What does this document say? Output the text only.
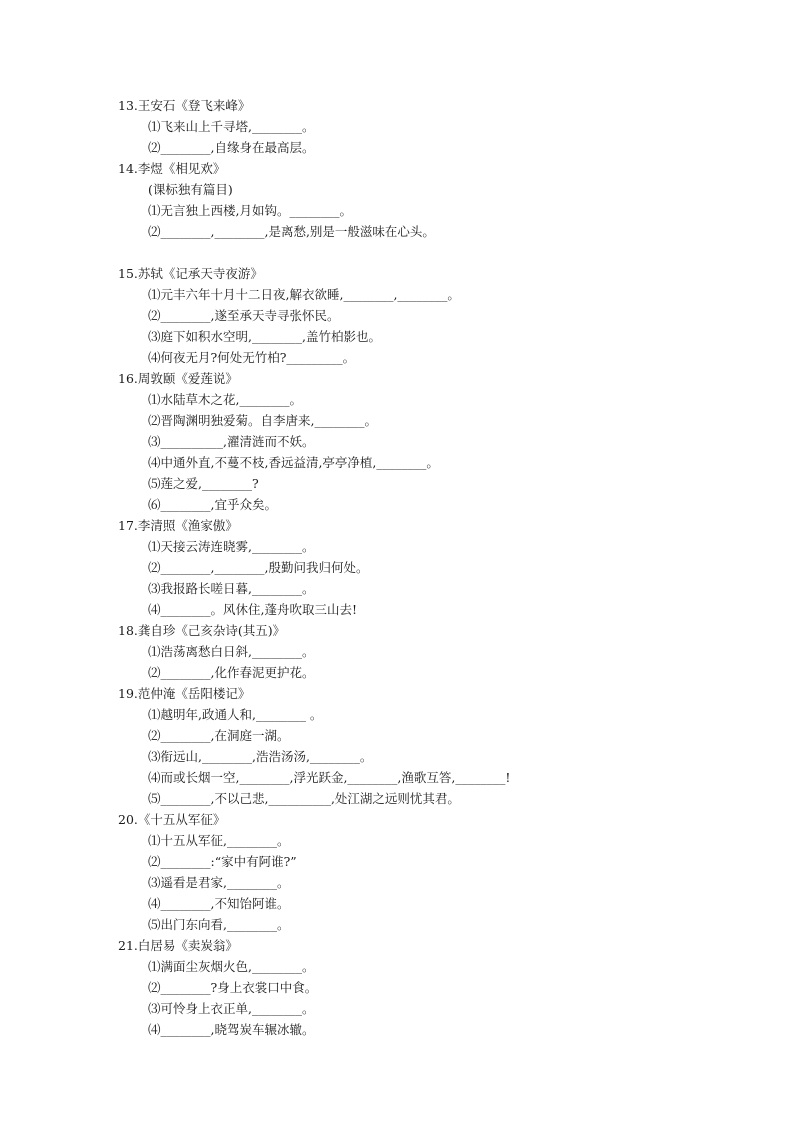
13.王安石《登飞来峰》
⑴飞来山上千寻塔,________。
⑵________,自缘身在最高层。
14.李煜《相见欢》
(课标独有篇目)
⑴无言独上西楼,月如钩。________。
⑵________,________,是离愁,别是一般滋味在心头。
15.苏轼《记承天寺夜游》
⑴元丰六年十月十二日夜,解衣欲睡,________,________。
⑵________,遂至承天寺寻张怀民。
⑶庭下如积水空明,________,盖竹柏影也。
⑷何夜无月?何处无竹柏?_________。
16.周敦颐《爱莲说》
⑴水陆草木之花,________。
⑵晋陶渊明独爱菊。自李唐来,________。
⑶__________,濯清涟而不妖。
⑷中通外直,不蔓不枝,香远益清,亭亭净植,________。
⑸莲之爱,________?
⑹________,宜乎众矣。
17.李清照《渔家傲》
⑴天接云涛连晓雾,________。
⑵________,________,殷勤问我归何处。
⑶我报路长嗟日暮,________。
⑷________。风休住,蓬舟吹取三山去!
18.龚自珍《己亥杂诗(其五)》
⑴浩荡离愁白日斜,________。
⑵________,化作春泥更护花。
19.范仲淹《岳阳楼记》
⑴越明年,政通人和,________ 。
⑵________,在洞庭一湖。
⑶衔远山,________,浩浩汤汤,________。
⑷而或长烟一空,________,浮光跃金,________,渔歌互答,________!
⑸________,不以己悲,__________,处江湖之远则忧其君。
20.《十五从军征》
⑴十五从军征,________。
⑵________:“家中有阿谁?”
⑶遥看是君家,________。
⑷________,不知饴阿谁。
⑸出门东向看,________。
21.白居易《卖炭翁》
⑴满面尘灰烟火色,________。
⑵________?身上衣裳口中食。
⑶可怜身上衣正单,________。
⑷________,晓驾炭车辗冰辙。
